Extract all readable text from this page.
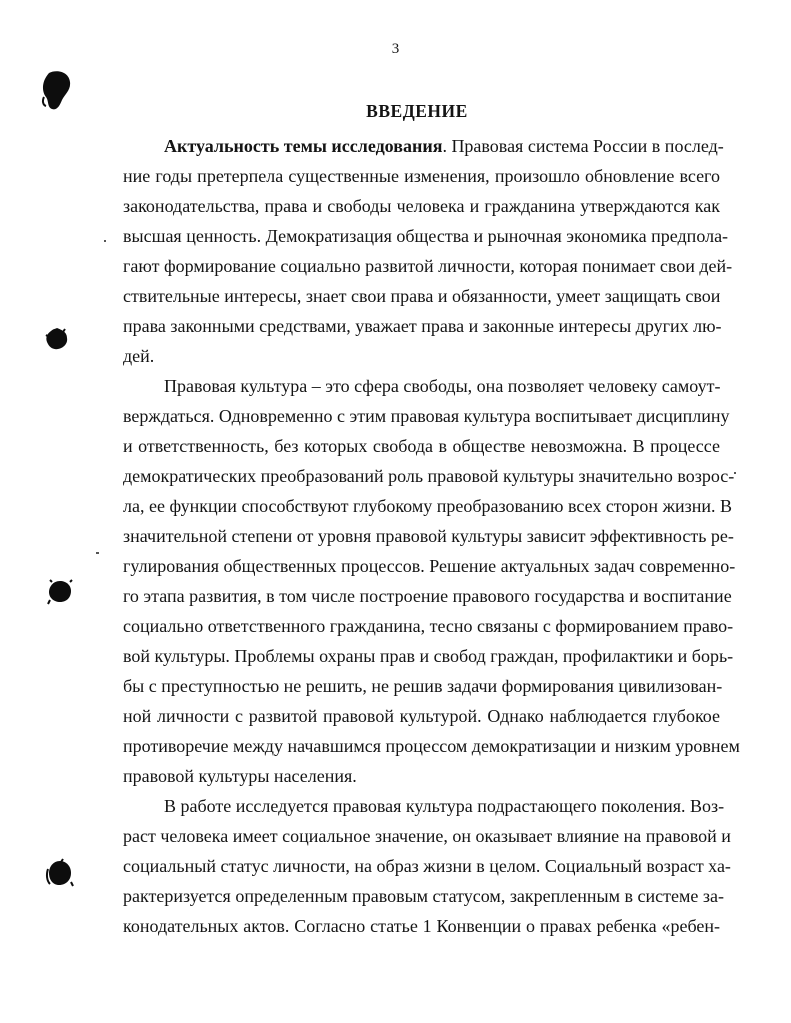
3
ВВЕДЕНИЕ
Актуальность темы исследования. Правовая система России в послед-
ние годы претерпела существенные изменения, произошло обновление всего
законодательства, права и свободы человека и гражданина утверждаются как
высшая ценность. Демократизация общества и рыночная экономика предпола-
гают формирование социально развитой личности, которая понимает свои дей-
ствительные интересы, знает свои права и обязанности, умеет защищать свои
права законными средствами, уважает права и законные интересы других лю-
дей.
Правовая культура – это сфера свободы, она позволяет человеку самоут-
верждаться. Одновременно с этим правовая культура воспитывает дисциплину
и ответственность, без которых свобода в обществе невозможна. В процессе
демократических преобразований роль правовой культуры значительно возрос-
ла, ее функции способствуют глубокому преобразованию всех сторон жизни. В
значительной степени от уровня правовой культуры зависит эффективность ре-
гулирования общественных процессов. Решение актуальных задач современно-
го этапа развития, в том числе построение правового государства и воспитание
социально ответственного гражданина, тесно связаны с формированием право-
вой культуры. Проблемы охраны прав и свобод граждан, профилактики и борь-
бы с преступностью не решить, не решив задачи формирования цивилизован-
ной личности с развитой правовой культурой. Однако наблюдается глубокое
противоречие между начавшимся процессом демократизации и низким уровнем
правовой культуры населения.
В работе исследуется правовая культура подрастающего поколения. Воз-
раст человека имеет социальное значение, он оказывает влияние на правовой и
социальный статус личности, на образ жизни в целом. Социальный возраст ха-
рактеризуется определенным правовым статусом, закрепленным в системе за-
конодательных актов. Согласно статье 1 Конвенции о правах ребенка «ребен-
